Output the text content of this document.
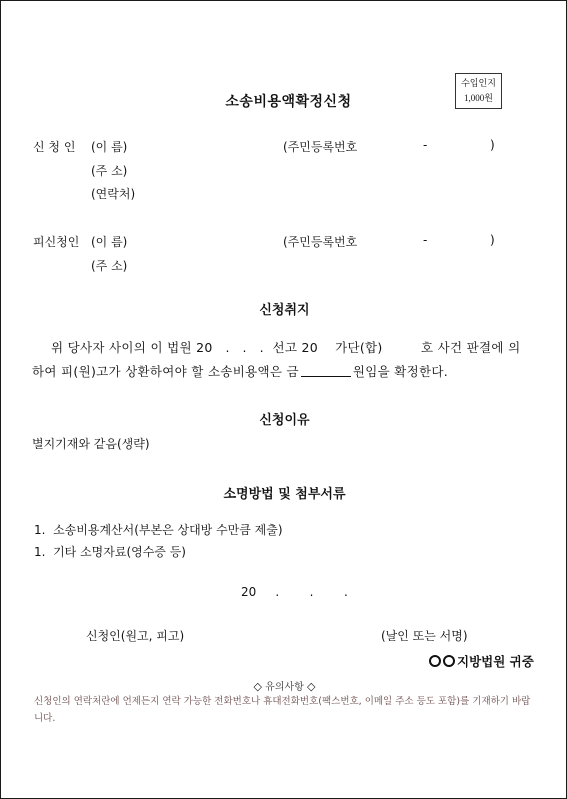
수입인지
1,000원
소송비용액확정신청
신 청 인 (이 름)	(주민등록번호	-	)
(주 소)
(연락처)
피신청인 (이 름)	(주민등록번호	-	)
(주 소)
신청취지
위 당사자 사이의 이 법원 20   .   .   .  선고 20    가단(합)         호 사건 판결에 의
하여 피(원)고가 상환하여야 할 소송비용액은 금	원임을 확정한다.
신청이유
별지기재와 같음(생략)
소명방법 및 첨부서류
1.  소송비용계산서(부본은 상대방 수만큼 제출)
1.  기타 소명자료(영수증 등)
20     .        .        .
신청인(원고, 피고)	(날인 또는 서명)
지방법원 귀중
◇ 유의사항 ◇
신청인의 연락처란에 언제든지 연락 가능한 전화번호나 휴대전화번호(팩스번호, 이메일 주소 등도 포함)를 기재하기 바랍니다.
